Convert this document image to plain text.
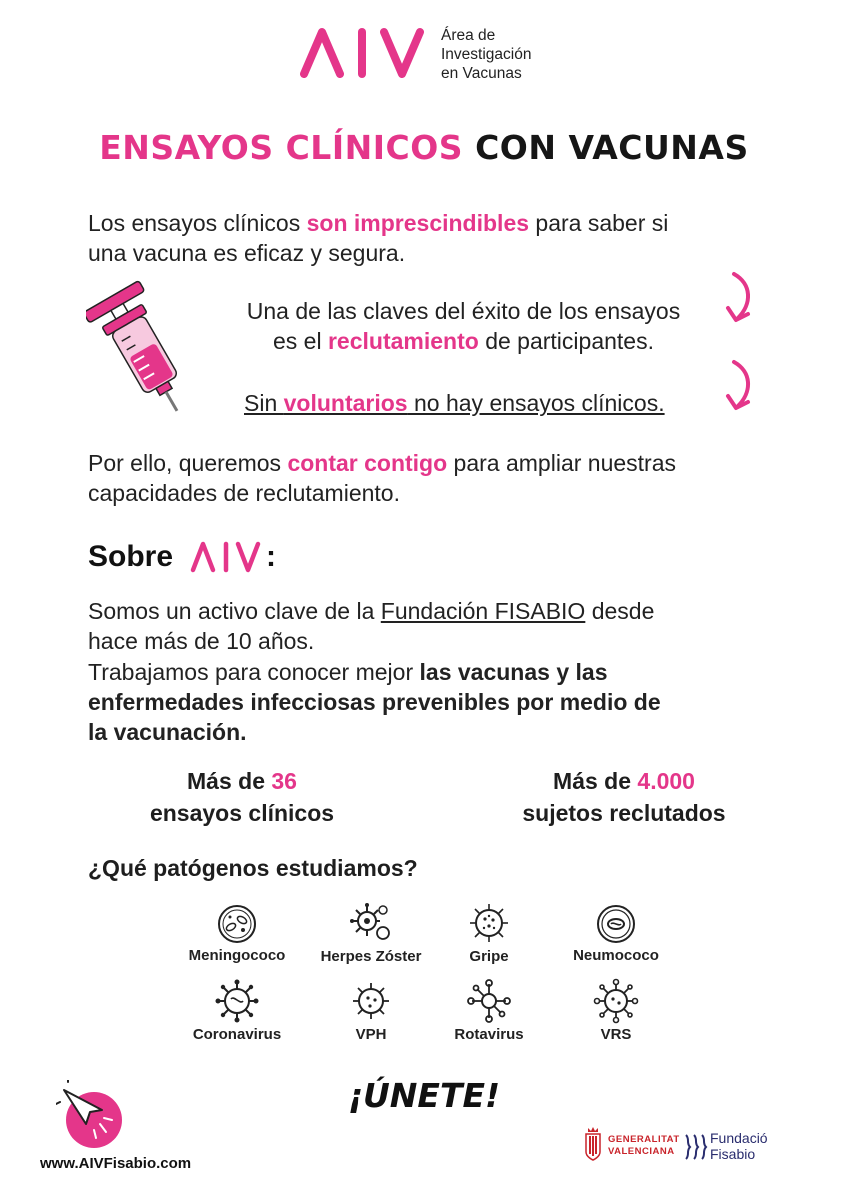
Área de
Investigación
en Vacunas
ENSAYOS CLÍNICOS CON VACUNAS
Los ensayos clínicos son imprescindibles para saber si
una vacuna es eficaz y segura.
Una de las claves del éxito de los ensayos
es el reclutamiento de participantes.
Sin voluntarios no hay ensayos clínicos.
Por ello, queremos contar contigo para ampliar nuestras
capacidades de reclutamiento.
Sobre	:
Somos un activo clave de la Fundación FISABIO desde
hace más de 10 años.
Trabajamos para conocer mejor las vacunas y las
enfermedades infecciosas prevenibles por medio de
la vacunación.
Más de 36
ensayos clínicos
Más de 4.000
sujetos reclutados
¿Qué patógenos estudiamos?
Meningococo	Herpes Zóster	Gripe	Neumococo
Coronavirus	VPH	Rotavirus	VRS
¡ÚNETE!
www.AIVFisabio.com
GENERALITAT
VALENCIANA
Fundació
Fisabio
